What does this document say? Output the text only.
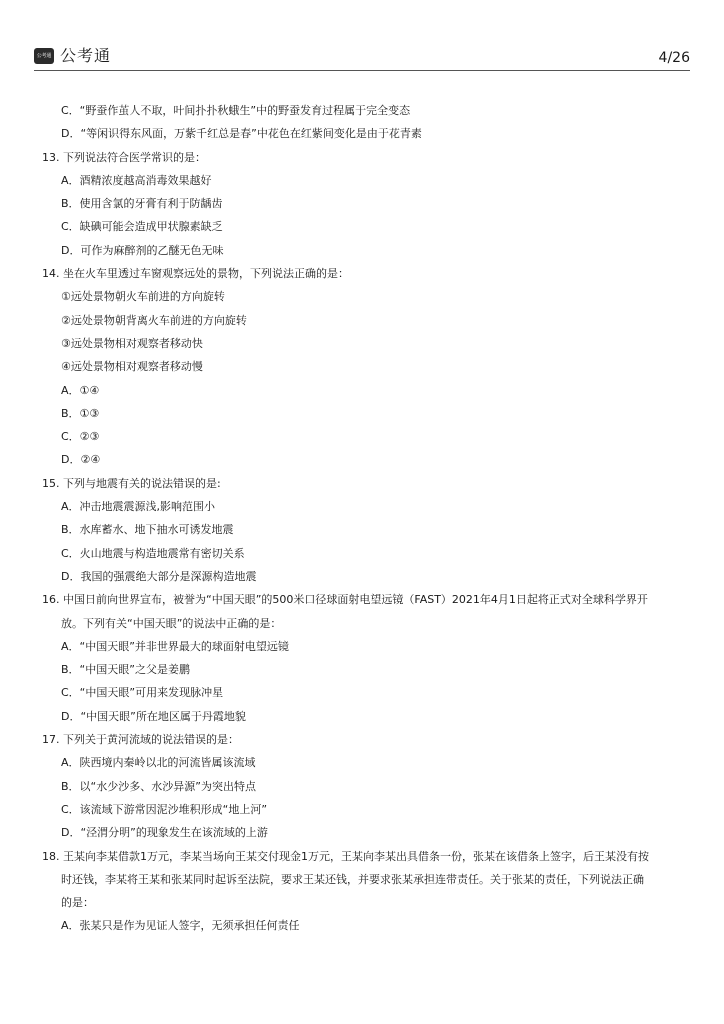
公考通 公考通	4/26
C．“野蚕作茧人不取，叶间扑扑秋蛾生”中的野蚕发育过程属于完全变态
D．“等闲识得东风面，万紫千红总是春”中花色在红紫间变化是由于花青素
13. 下列说法符合医学常识的是：
A．酒精浓度越高消毒效果越好
B．使用含氯的牙膏有利于防龋齿
C．缺碘可能会造成甲状腺素缺乏
D．可作为麻醉剂的乙醚无色无味
14. 坐在火车里透过车窗观察远处的景物，下列说法正确的是：
①远处景物朝火车前进的方向旋转
②远处景物朝背离火车前进的方向旋转
③远处景物相对观察者移动快
④远处景物相对观察者移动慢
A．①④
B．①③
C．②③
D．②④
15. 下列与地震有关的说法错误的是:
A．冲击地震震源浅,影响范围小
B．水库蓄水、地下抽水可诱发地震
C．火山地震与构造地震常有密切关系
D．我国的强震绝大部分是深源构造地震
16. 中国日前向世界宣布，被誉为“中国天眼”的500米口径球面射电望远镜（FAST）2021年4月1日起将正式对全球科学界开
放。下列有关“中国天眼”的说法中正确的是：
A．“中国天眼”并非世界最大的球面射电望远镜
B．“中国天眼”之父是姜鹏
C．“中国天眼”可用来发现脉冲星
D．“中国天眼”所在地区属于丹霞地貌
17. 下列关于黄河流域的说法错误的是：
A．陕西境内秦岭以北的河流皆属该流域
B．以“水少沙多、水沙异源”为突出特点
C．该流域下游常因泥沙堆积形成“地上河”
D．“泾渭分明”的现象发生在该流域的上游
18. 王某向李某借款1万元，李某当场向王某交付现金1万元，王某向李某出具借条一份，张某在该借条上签字，后王某没有按
时还钱，李某将王某和张某同时起诉至法院，要求王某还钱，并要求张某承担连带责任。关于张某的责任，下列说法正确
的是：
A．张某只是作为见证人签字，无须承担任何责任
